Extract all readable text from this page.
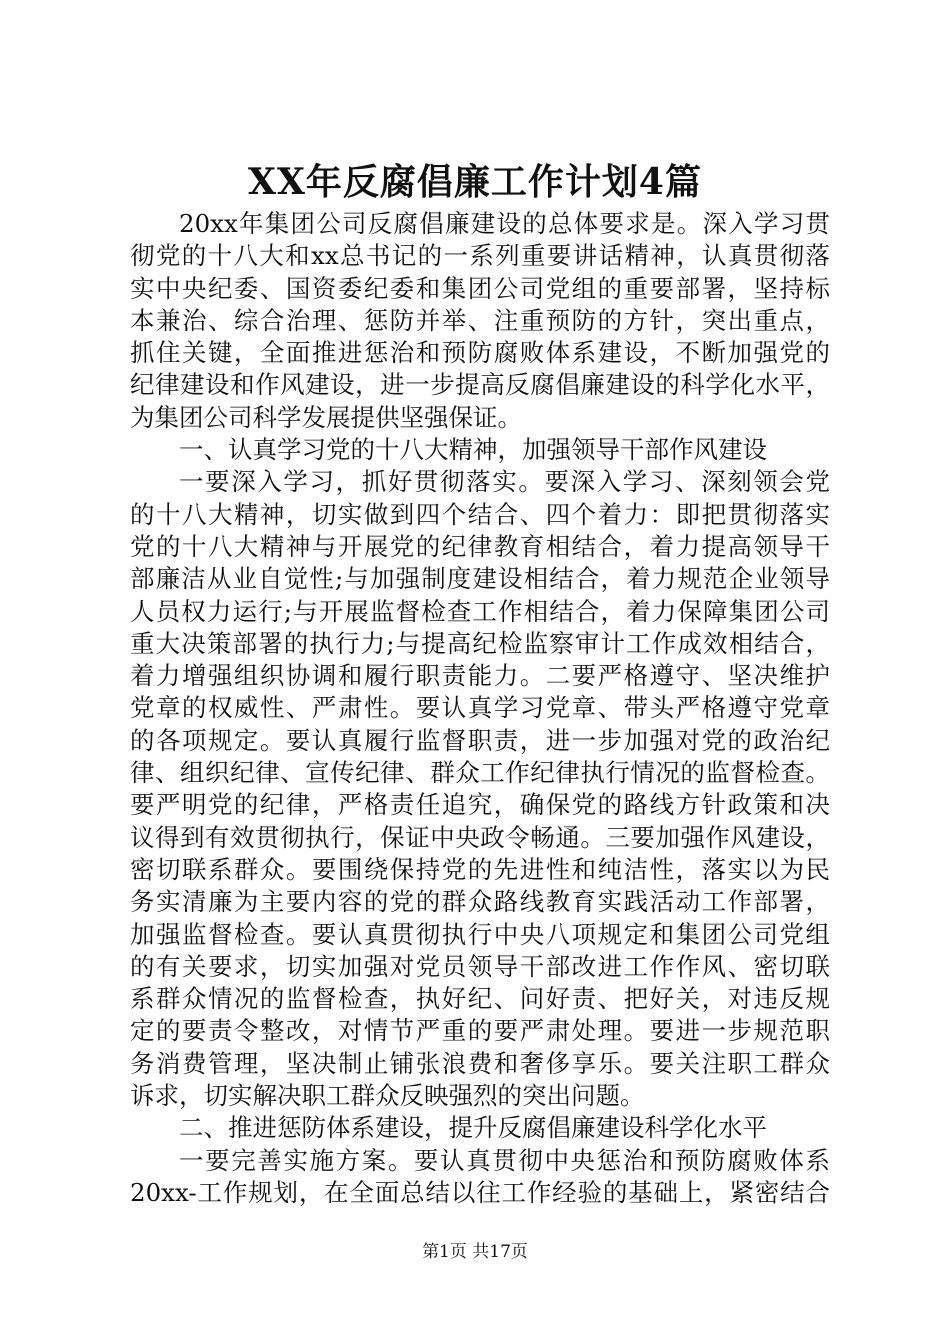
XX年反腐倡廉工作计划4篇
20xx年集团公司反腐倡廉建设的总体要求是。深入学习贯
彻党的十八大和xx总书记的一系列重要讲话精神，认真贯彻落
实中央纪委、国资委纪委和集团公司党组的重要部署，坚持标
本兼治、综合治理、惩防并举、注重预防的方针，突出重点，
抓住关键，全面推进惩治和预防腐败体系建设，不断加强党的
纪律建设和作风建设，进一步提高反腐倡廉建设的科学化水平，
为集团公司科学发展提供坚强保证。
一、认真学习党的十八大精神，加强领导干部作风建设
一要深入学习，抓好贯彻落实。要深入学习、深刻领会党
的十八大精神，切实做到四个结合、四个着力：即把贯彻落实
党的十八大精神与开展党的纪律教育相结合，着力提高领导干
部廉洁从业自觉性;与加强制度建设相结合，着力规范企业领导
人员权力运行;与开展监督检查工作相结合，着力保障集团公司
重大决策部署的执行力;与提高纪检监察审计工作成效相结合，
着力增强组织协调和履行职责能力。二要严格遵守、坚决维护
党章的权威性、严肃性。要认真学习党章、带头严格遵守党章
的各项规定。要认真履行监督职责，进一步加强对党的政治纪
律、组织纪律、宣传纪律、群众工作纪律执行情况的监督检查。
要严明党的纪律，严格责任追究，确保党的路线方针政策和决
议得到有效贯彻执行，保证中央政令畅通。三要加强作风建设，
密切联系群众。要围绕保持党的先进性和纯洁性，落实以为民
务实清廉为主要内容的党的群众路线教育实践活动工作部署，
加强监督检查。要认真贯彻执行中央八项规定和集团公司党组
的有关要求，切实加强对党员领导干部改进工作作风、密切联
系群众情况的监督检查，执好纪、问好责、把好关，对违反规
定的要责令整改，对情节严重的要严肃处理。要进一步规范职
务消费管理，坚决制止铺张浪费和奢侈享乐。要关注职工群众
诉求，切实解决职工群众反映强烈的突出问题。
二、推进惩防体系建设，提升反腐倡廉建设科学化水平
一要完善实施方案。要认真贯彻中央惩治和预防腐败体系
20xx-工作规划，在全面总结以往工作经验的基础上，紧密结合
第1页 共17页
